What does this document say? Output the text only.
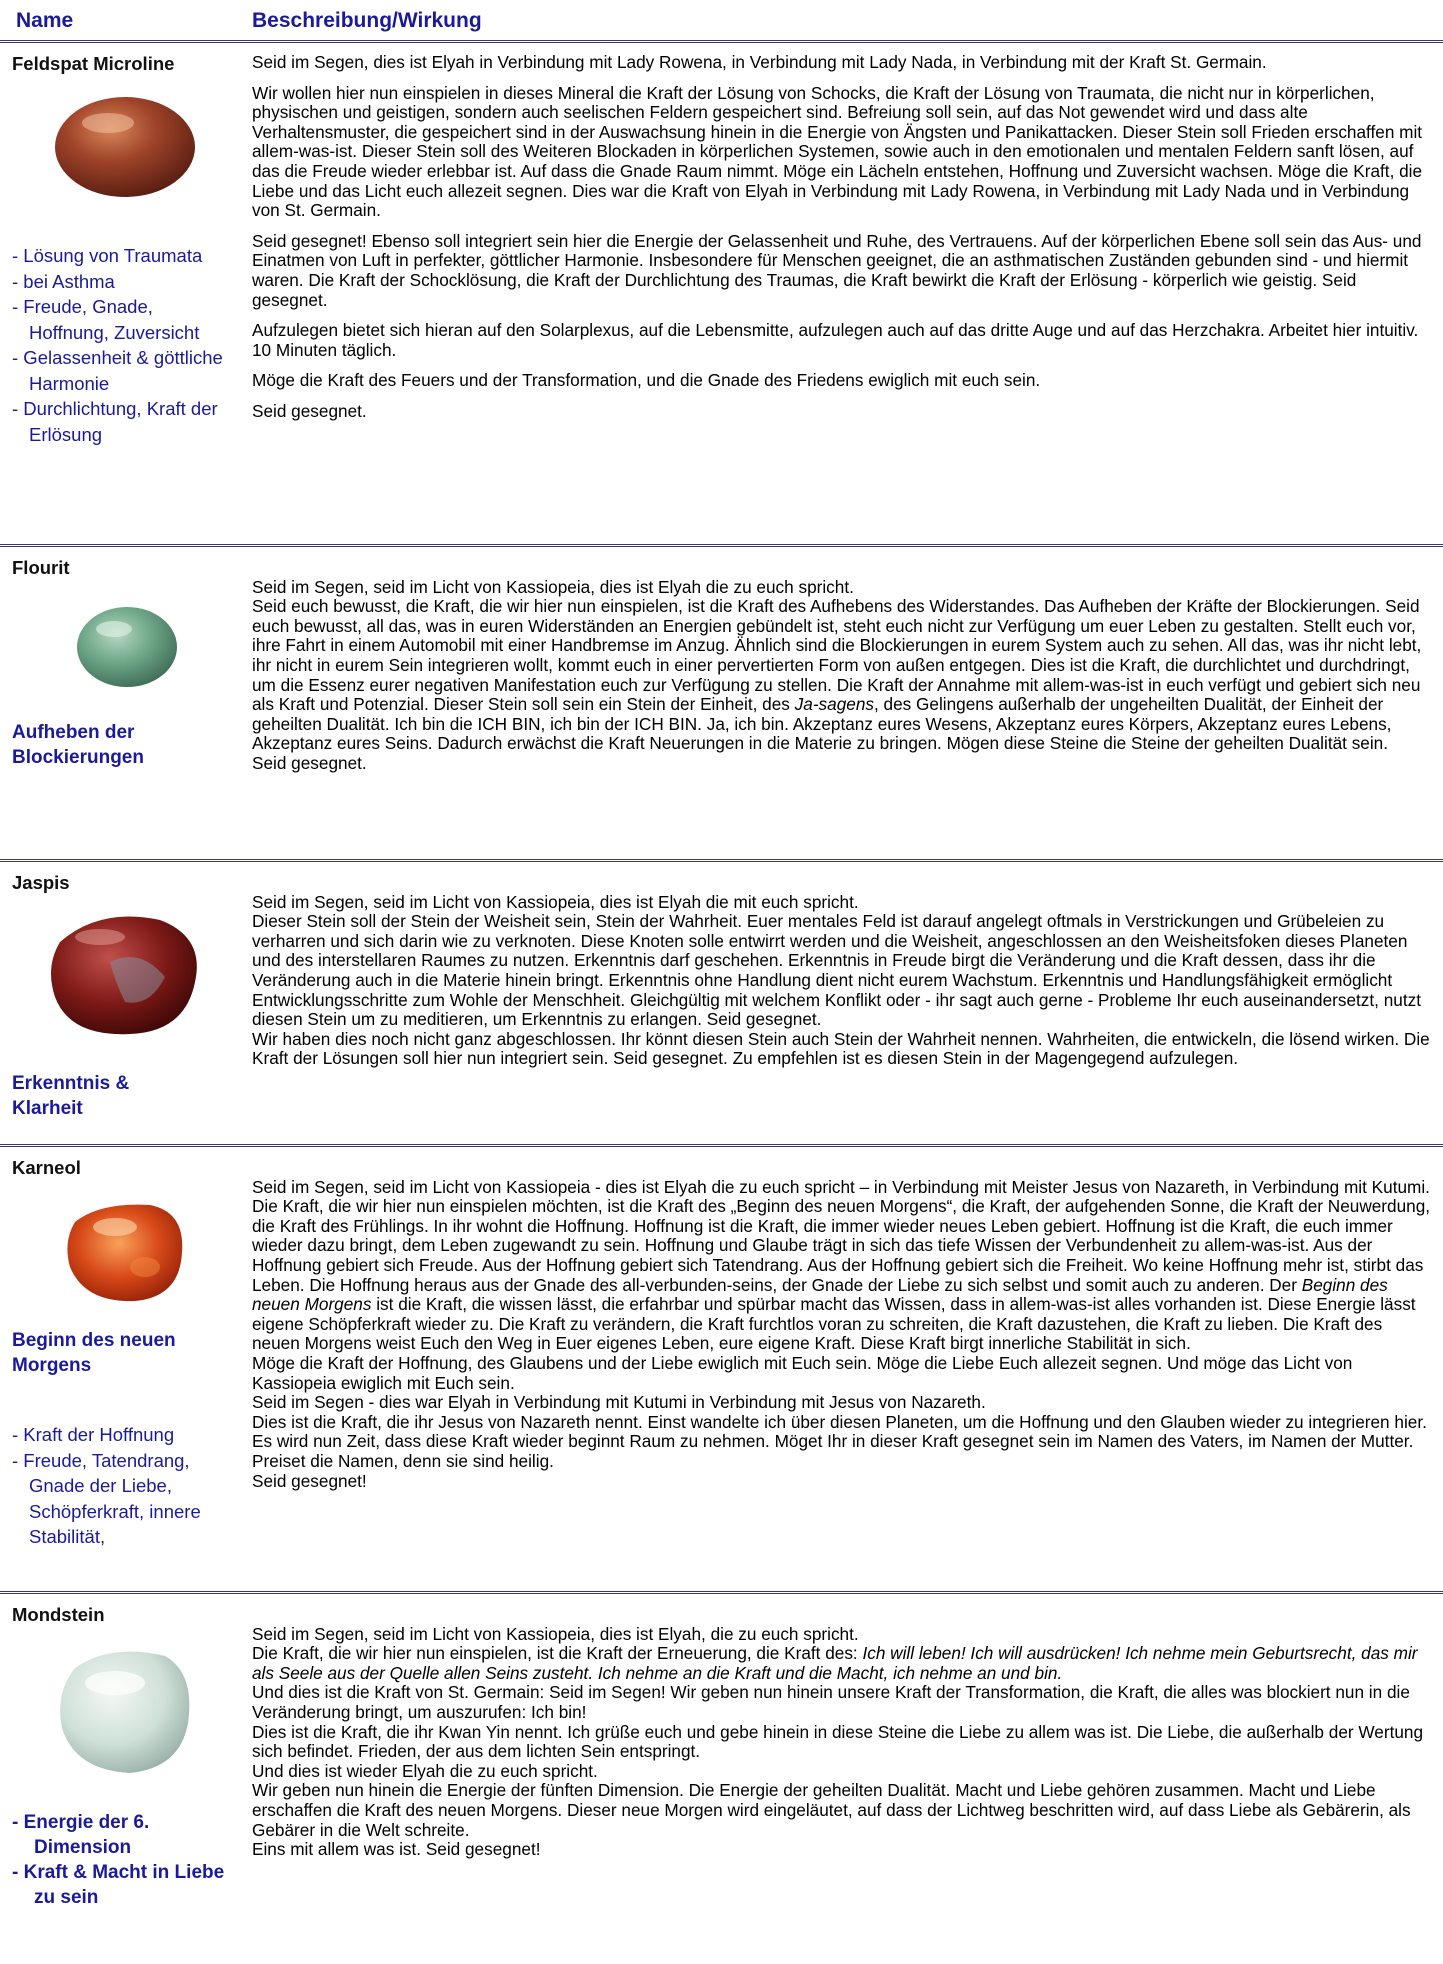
Name	Beschreibung/Wirkung
Feldspat Microline
- Lösung von Traumata
- bei Asthma
- Freude, Gnade, Hoffnung, Zuversicht
- Gelassenheit & göttliche Harmonie
- Durchlichtung, Kraft der Erlösung

Seid im Segen, dies ist Elyah in Verbindung mit Lady Rowena, in Verbindung mit Lady Nada, in Verbindung mit der Kraft St. Germain.

Wir wollen hier nun einspielen in dieses Mineral die Kraft der Lösung von Schocks, die Kraft der Lösung von Traumata, die nicht nur in körperlichen, physischen und geistigen, sondern auch seelischen Feldern gespeichert sind. Befreiung soll sein, auf das Not gewendet wird und dass alte Verhaltensmuster, die gespeichert sind in der Auswachsung hinein in die Energie von Ängsten und Panikattacken. Dieser Stein soll Frieden erschaffen mit allem-was-ist. Dieser Stein soll des Weiteren Blockaden in körperlichen Systemen, sowie auch in den emotionalen und mentalen Feldern sanft lösen, auf das die Freude wieder erlebbar ist. Auf dass die Gnade Raum nimmt. Möge ein Lächeln entstehen, Hoffnung und Zuversicht wachsen. Möge die Kraft, die Liebe und das Licht euch allezeit segnen. Dies war die Kraft von Elyah in Verbindung mit Lady Rowena, in Verbindung mit Lady Nada und in Verbindung von St. Germain.

Seid gesegnet! Ebenso soll integriert sein hier die Energie der Gelassenheit und Ruhe, des Vertrauens. Auf der körperlichen Ebene soll sein das Aus- und Einatmen von Luft in perfekter, göttlicher Harmonie. Insbesondere für Menschen geeignet, die an asthmatischen Zuständen gebunden sind - und hiermit waren. Die Kraft der Schocklösung, die Kraft der Durchlichtung des Traumas, die Kraft bewirkt die Kraft der Erlösung - körperlich wie geistig. Seid gesegnet.

Aufzulegen bietet sich hieran auf den Solarplexus, auf die Lebensmitte, aufzulegen auch auf das dritte Auge und auf das Herzchakra. Arbeitet hier intuitiv. 10 Minuten täglich.

Möge die Kraft des Feuers und der Transformation, und die Gnade des Friedens ewiglich mit euch sein.

Seid gesegnet.

Flourit
Aufheben der Blockierungen

Seid im Segen, seid im Licht von Kassiopeia, dies ist Elyah die zu euch spricht.
Seid euch bewusst, die Kraft, die wir hier nun einspielen, ist die Kraft des Aufhebens des Widerstandes. Das Aufheben der Kräfte der Blockierungen. Seid euch bewusst, all das, was in euren Widerständen an Energien gebündelt ist, steht euch nicht zur Verfügung um euer Leben zu gestalten. Stellt euch vor, ihre Fahrt in einem Automobil mit einer Handbremse im Anzug. Ähnlich sind die Blockierungen in eurem System auch zu sehen. All das, was ihr nicht lebt, ihr nicht in eurem Sein integrieren wollt, kommt euch in einer pervertierten Form von außen entgegen. Dies ist die Kraft, die durchlichtet und durchdringt, um die Essenz eurer negativen Manifestation euch zur Verfügung zu stellen. Die Kraft der Annahme mit allem-was-ist in euch verfügt und gebiert sich neu als Kraft und Potenzial. Dieser Stein soll sein ein Stein der Einheit, des Ja-sagens, des Gelingens außerhalb der ungeheilten Dualität, der Einheit der geheilten Dualität. Ich bin die ICH BIN, ich bin der ICH BIN. Ja, ich bin. Akzeptanz eures Wesens, Akzeptanz eures Körpers, Akzeptanz eures Lebens, Akzeptanz eures Seins. Dadurch erwächst die Kraft Neuerungen in die Materie zu bringen. Mögen diese Steine die Steine der geheilten Dualität sein.
Seid gesegnet.

Jaspis
Erkenntnis & Klarheit

Seid im Segen, seid im Licht von Kassiopeia, dies ist Elyah die mit euch spricht.
Dieser Stein soll der Stein der Weisheit sein, Stein der Wahrheit. Euer mentales Feld ist darauf angelegt oftmals in Verstrickungen und Grübeleien zu verharren und sich darin wie zu verknoten. Diese Knoten solle entwirrt werden und die Weisheit, angeschlossen an den Weisheitsfoken dieses Planeten und des interstellaren Raumes zu nutzen. Erkenntnis darf geschehen. Erkenntnis in Freude birgt die Veränderung und die Kraft dessen, dass ihr die Veränderung auch in die Materie hinein bringt. Erkenntnis ohne Handlung dient nicht eurem Wachstum. Erkenntnis und Handlungsfähigkeit ermöglicht Entwicklungsschritte zum Wohle der Menschheit. Gleichgültig mit welchem Konflikt oder - ihr sagt auch gerne - Probleme Ihr euch auseinandersetzt, nutzt diesen Stein um zu meditieren, um Erkenntnis zu erlangen. Seid gesegnet.
Wir haben dies noch nicht ganz abgeschlossen. Ihr könnt diesen Stein auch Stein der Wahrheit nennen. Wahrheiten, die entwickeln, die lösend wirken. Die Kraft der Lösungen soll hier nun integriert sein. Seid gesegnet. Zu empfehlen ist es diesen Stein in der Magengegend aufzulegen.

Karneol
Beginn des neuen Morgens
- Kraft der Hoffnung
- Freude, Tatendrang, Gnade der Liebe, Schöpferkraft, innere Stabilität,

Seid im Segen, seid im Licht von Kassiopeia - dies ist Elyah die zu euch spricht – in Verbindung mit Meister Jesus von Nazareth, in Verbindung mit Kutumi.
Die Kraft, die wir hier nun einspielen möchten, ist die Kraft des „Beginn des neuen Morgens“, die Kraft, der aufgehenden Sonne, die Kraft der Neuwerdung, die Kraft des Frühlings. In ihr wohnt die Hoffnung. Hoffnung ist die Kraft, die immer wieder neues Leben gebiert. Hoffnung ist die Kraft, die euch immer wieder dazu bringt, dem Leben zugewandt zu sein. Hoffnung und Glaube trägt in sich das tiefe Wissen der Verbundenheit zu allem-was-ist. Aus der Hoffnung gebiert sich Freude. Aus der Hoffnung gebiert sich Tatendrang. Aus der Hoffnung gebiert sich die Freiheit. Wo keine Hoffnung mehr ist, stirbt das Leben. Die Hoffnung heraus aus der Gnade des all-verbunden-seins, der Gnade der Liebe zu sich selbst und somit auch zu anderen. Der Beginn des neuen Morgens ist die Kraft, die wissen lässt, die erfahrbar und spürbar macht das Wissen, dass in allem-was-ist alles vorhanden ist. Diese Energie lässt eigene Schöpferkraft wieder zu. Die Kraft zu verändern, die Kraft furchtlos voran zu schreiten, die Kraft dazustehen, die Kraft zu lieben. Die Kraft des neuen Morgens weist Euch den Weg in Euer eigenes Leben, eure eigene Kraft. Diese Kraft birgt innerliche Stabilität in sich.
Möge die Kraft der Hoffnung, des Glaubens und der Liebe ewiglich mit Euch sein. Möge die Liebe Euch allezeit segnen. Und möge das Licht von Kassiopeia ewiglich mit Euch sein.
Seid im Segen - dies war Elyah in Verbindung mit Kutumi in Verbindung mit Jesus von Nazareth.
Dies ist die Kraft, die ihr Jesus von Nazareth nennt. Einst wandelte ich über diesen Planeten, um die Hoffnung und den Glauben wieder zu integrieren hier. Es wird nun Zeit, dass diese Kraft wieder beginnt Raum zu nehmen. Möget Ihr in dieser Kraft gesegnet sein im Namen des Vaters, im Namen der Mutter. Preiset die Namen, denn sie sind heilig.
Seid gesegnet!

Mondstein
- Energie der 6. Dimension
- Kraft & Macht in Liebe zu sein

Seid im Segen, seid im Licht von Kassiopeia, dies ist Elyah, die zu euch spricht.
Die Kraft, die wir hier nun einspielen, ist die Kraft der Erneuerung, die Kraft des: Ich will leben! Ich will ausdrücken! Ich nehme mein Geburtsrecht, das mir als Seele aus der Quelle allen Seins zusteht. Ich nehme an die Kraft und die Macht, ich nehme an und bin.
Und dies ist die Kraft von St. Germain: Seid im Segen! Wir geben nun hinein unsere Kraft der Transformation, die Kraft, die alles was blockiert nun in die Veränderung bringt, um auszurufen: Ich bin!
Dies ist die Kraft, die ihr Kwan Yin nennt. Ich grüße euch und gebe hinein in diese Steine die Liebe zu allem was ist. Die Liebe, die außerhalb der Wertung sich befindet. Frieden, der aus dem lichten Sein entspringt.
Und dies ist wieder Elyah die zu euch spricht.
Wir geben nun hinein die Energie der fünften Dimension. Die Energie der geheilten Dualität. Macht und Liebe gehören zusammen. Macht und Liebe erschaffen die Kraft des neuen Morgens. Dieser neue Morgen wird eingeläutet, auf dass der Lichtweg beschritten wird, auf dass Liebe als Gebärerin, als Gebärer in die Welt schreite.
Eins mit allem was ist. Seid gesegnet!
